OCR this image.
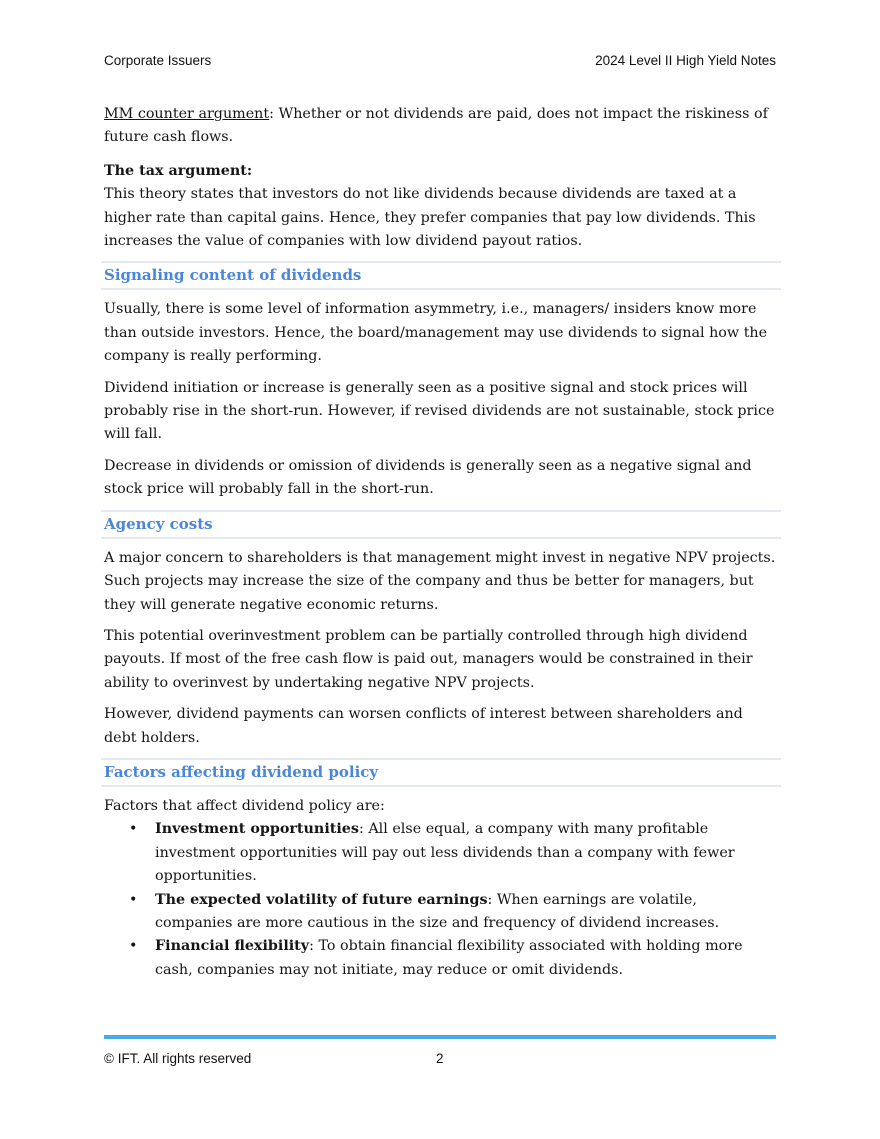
Corporate Issuers	2024 Level II High Yield Notes

MM counter argument: Whether or not dividends are paid, does not impact the riskiness of future cash flows.

The tax argument:
This theory states that investors do not like dividends because dividends are taxed at a higher rate than capital gains. Hence, they prefer companies that pay low dividends. This increases the value of companies with low dividend payout ratios.

Signaling content of dividends

Usually, there is some level of information asymmetry, i.e., managers/ insiders know more than outside investors. Hence, the board/management may use dividends to signal how the company is really performing.

Dividend initiation or increase is generally seen as a positive signal and stock prices will probably rise in the short-run. However, if revised dividends are not sustainable, stock price will fall.

Decrease in dividends or omission of dividends is generally seen as a negative signal and stock price will probably fall in the short-run.

Agency costs

A major concern to shareholders is that management might invest in negative NPV projects. Such projects may increase the size of the company and thus be better for managers, but they will generate negative economic returns.

This potential overinvestment problem can be partially controlled through high dividend payouts. If most of the free cash flow is paid out, managers would be constrained in their ability to overinvest by undertaking negative NPV projects.

However, dividend payments can worsen conflicts of interest between shareholders and debt holders.

Factors affecting dividend policy

Factors that affect dividend policy are:

• Investment opportunities: All else equal, a company with many profitable investment opportunities will pay out less dividends than a company with fewer opportunities.
• The expected volatility of future earnings: When earnings are volatile, companies are more cautious in the size and frequency of dividend increases.
• Financial flexibility: To obtain financial flexibility associated with holding more cash, companies may not initiate, may reduce or omit dividends.
© IFT. All rights reserved	2
